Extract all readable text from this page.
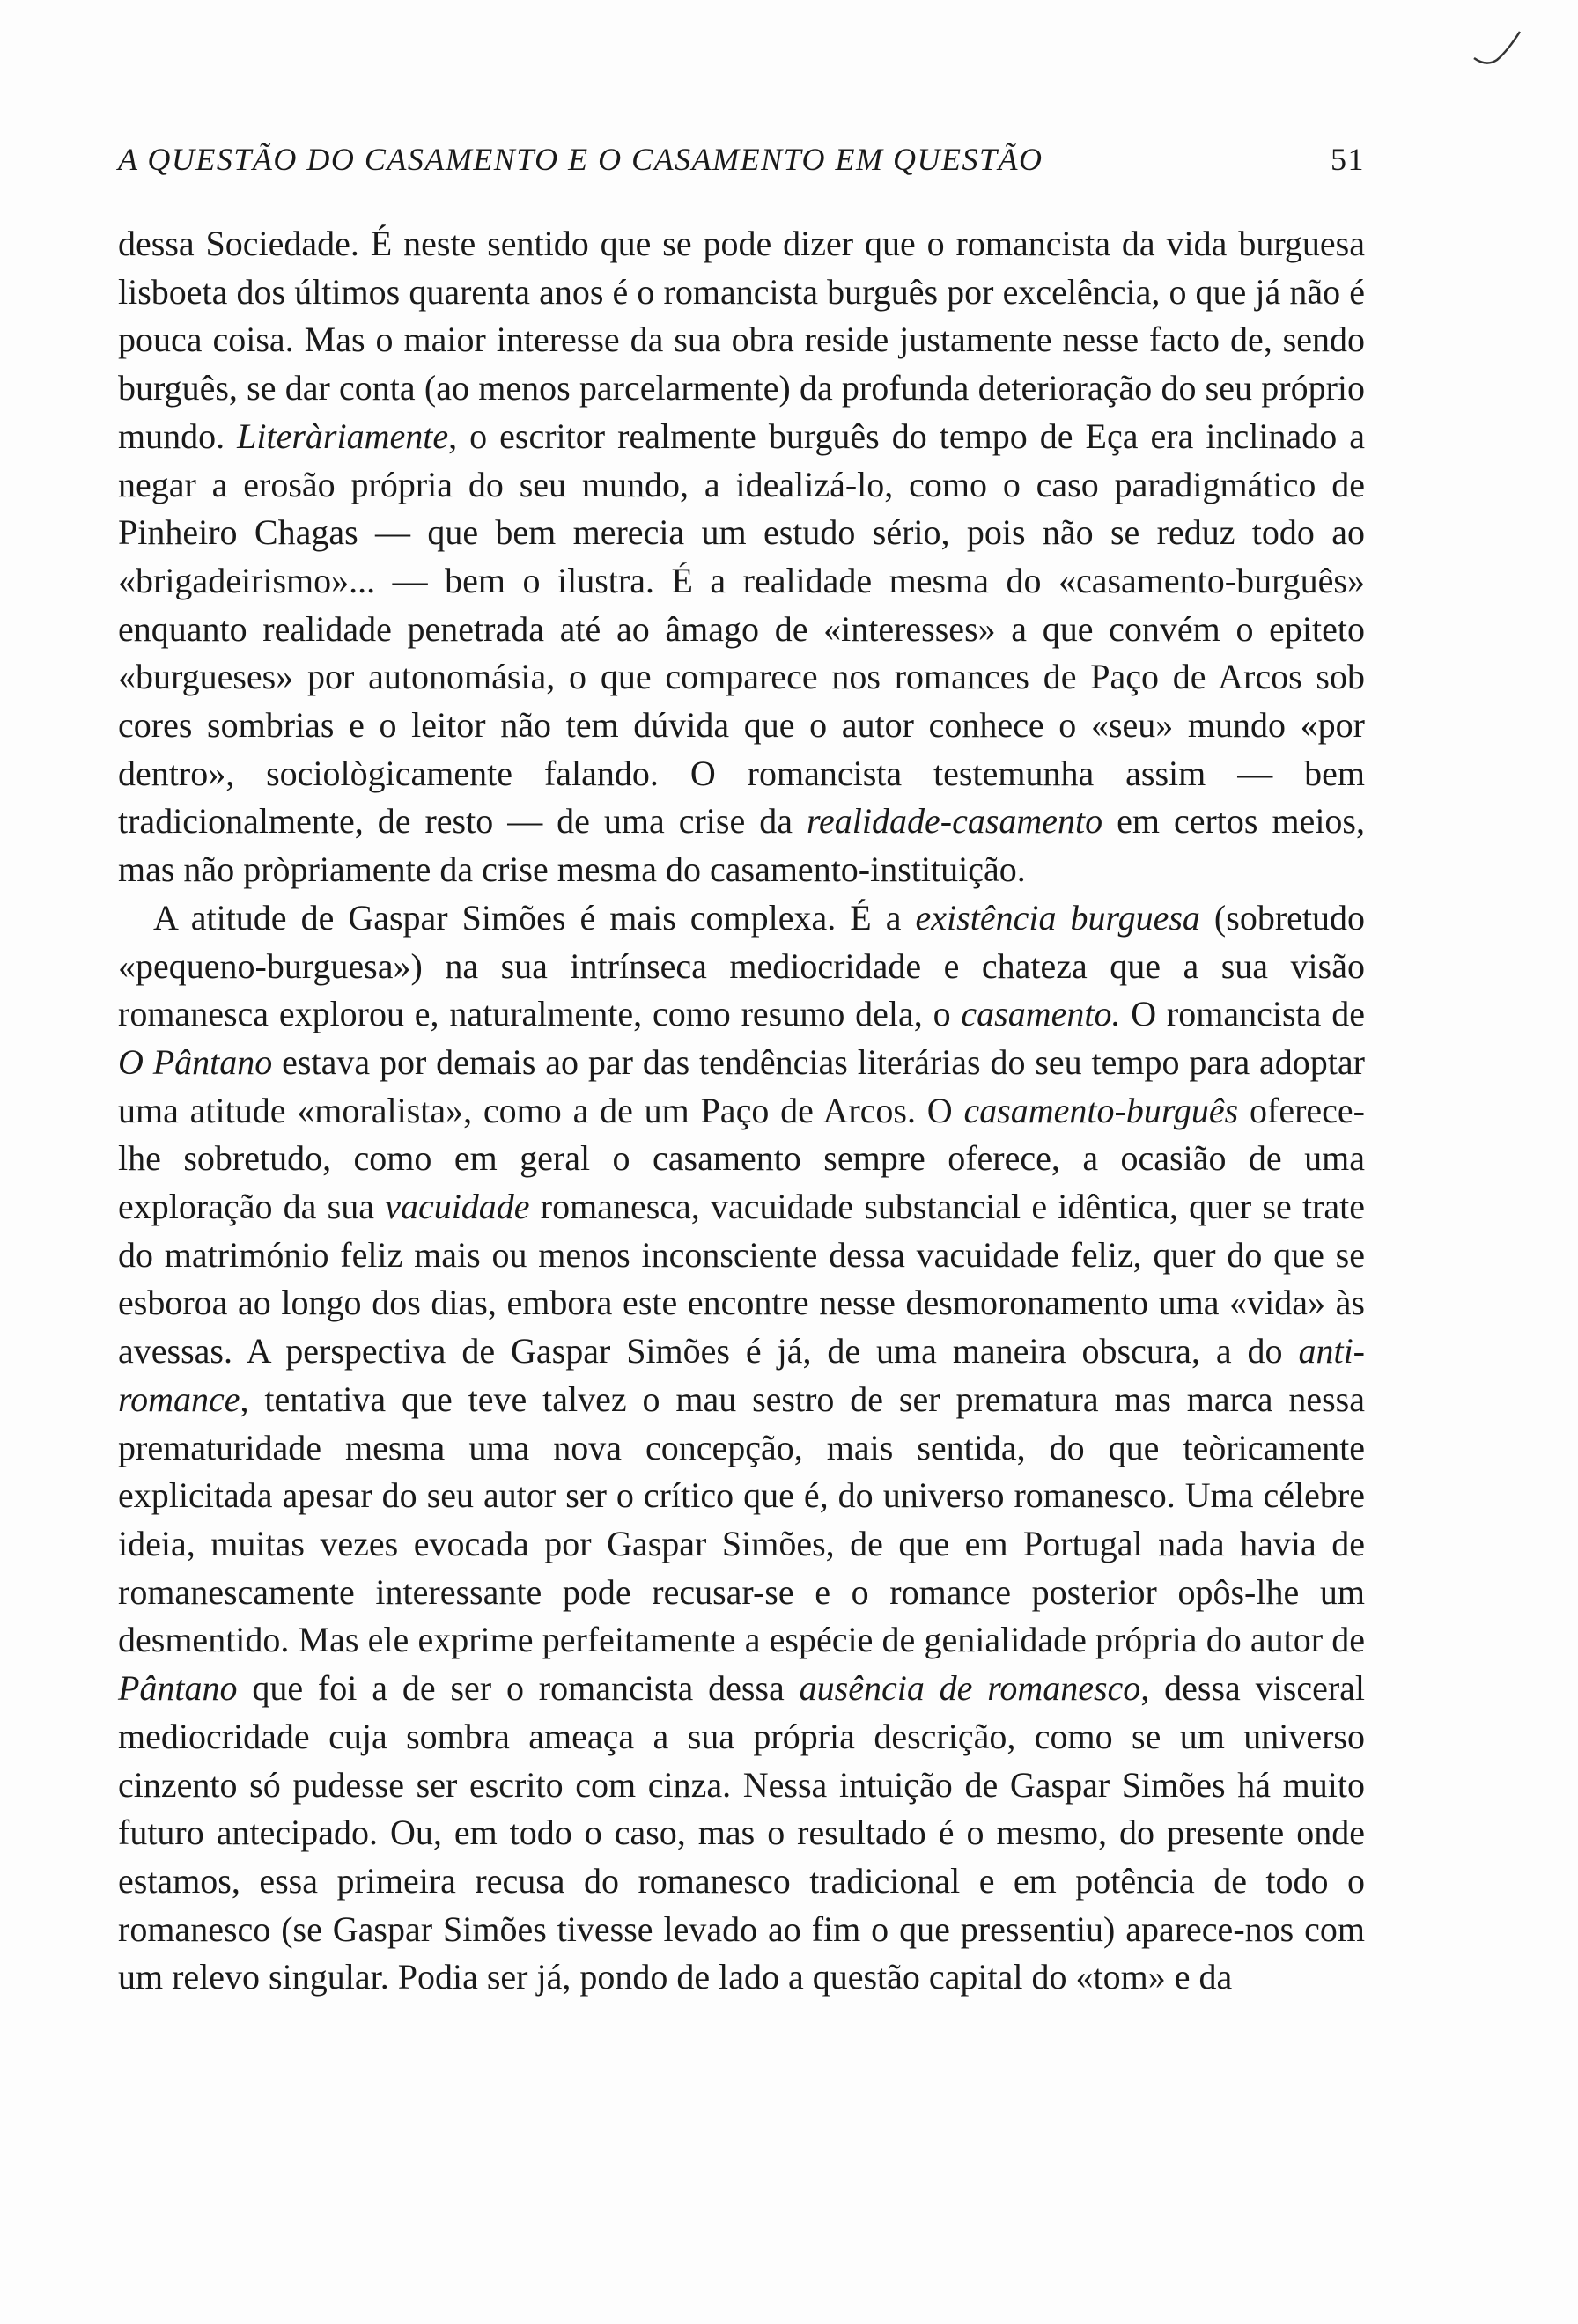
A QUESTÃO DO CASAMENTO E O CASAMENTO EM QUESTÃO	51

dessa Sociedade. É neste sentido que se pode dizer que o romancista da vida burguesa lisboeta dos últimos quarenta anos é o romancista burguês por excelência, o que já não é pouca coisa. Mas o maior interesse da sua obra reside justamente nesse facto de, sendo burguês, se dar conta (ao menos parcelarmente) da profunda deterioração do seu próprio mundo. Literàriamente, o escritor realmente burguês do tempo de Eça era inclinado a negar a erosão própria do seu mundo, a idealizá-lo, como o caso paradigmático de Pinheiro Chagas — que bem merecia um estudo sério, pois não se reduz todo ao «brigadeirismo»... — bem o ilustra. É a realidade mesma do «casamento-burguês» enquanto realidade penetrada até ao âmago de «interesses» a que convém o epiteto «burgueses» por autonomásia, o que comparece nos romances de Paço de Arcos sob cores sombrias e o leitor não tem dúvida que o autor conhece o «seu» mundo «por dentro», sociològicamente falando. O romancista testemunha assim — bem tradicionalmente, de resto — de uma crise da realidade-casamento em certos meios, mas não pròpriamente da crise mesma do casamento-instituição.

A atitude de Gaspar Simões é mais complexa. É a existência burguesa (sobretudo «pequeno-burguesa») na sua intrínseca mediocridade e chateza que a sua visão romanesca explorou e, naturalmente, como resumo dela, o casamento. O romancista de O Pântano estava por demais ao par das tendências literárias do seu tempo para adoptar uma atitude «moralista», como a de um Paço de Arcos. O casamento-burguês oferece-lhe sobretudo, como em geral o casamento sempre oferece, a ocasião de uma exploração da sua vacuidade romanesca, vacuidade substancial e idêntica, quer se trate do matrimónio feliz mais ou menos inconsciente dessa vacuidade feliz, quer do que se esboroa ao longo dos dias, embora este encontre nesse desmoronamento uma «vida» às avessas. A perspectiva de Gaspar Simões é já, de uma maneira obscura, a do anti-romance, tentativa que teve talvez o mau sestro de ser prematura mas marca nessa prematuridade mesma uma nova concepção, mais sentida, do que teòricamente explicitada apesar do seu autor ser o crítico que é, do universo romanesco. Uma célebre ideia, muitas vezes evocada por Gaspar Simões, de que em Portugal nada havia de romanescamente interessante pode recusar-se e o romance posterior opôs-lhe um desmentido. Mas ele exprime perfeitamente a espécie de genialidade própria do autor de Pântano que foi a de ser o romancista dessa ausência de romanesco, dessa visceral mediocridade cuja sombra ameaça a sua própria descrição, como se um universo cinzento só pudesse ser escrito com cinza. Nessa intuição de Gaspar Simões há muito futuro antecipado. Ou, em todo o caso, mas o resultado é o mesmo, do presente onde estamos, essa primeira recusa do romanesco tradicional e em potência de todo o romanesco (se Gaspar Simões tivesse levado ao fim o que pressentiu) aparece-nos com um relevo singular. Podia ser já, pondo de lado a questão capital do «tom» e da
